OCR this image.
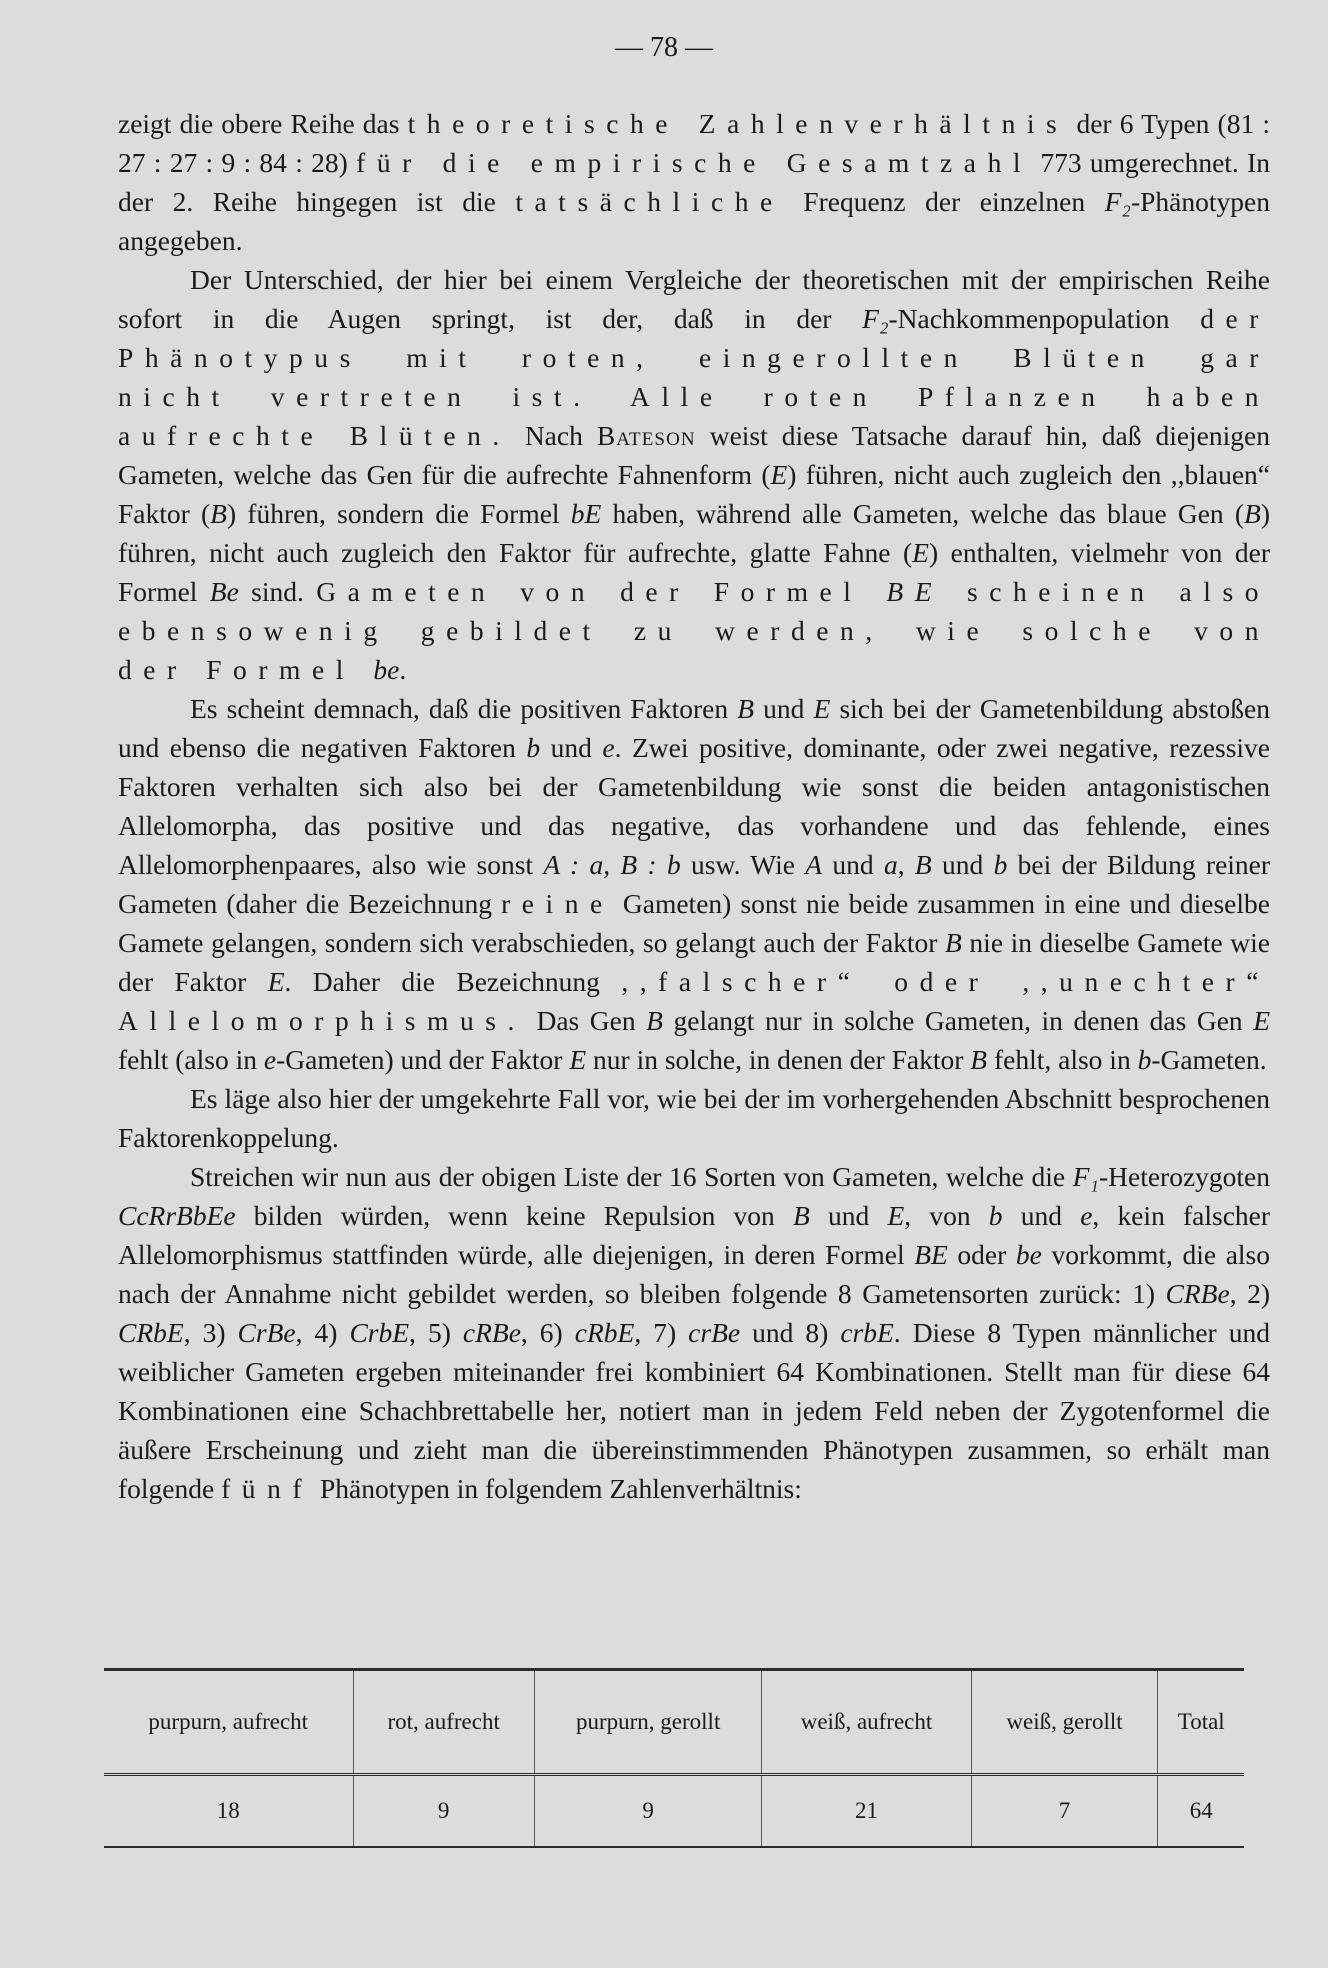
— 78 —

zeigt die obere Reihe das theoretische Zahlenverhältnis der 6 Typen (81 : 27 : 27 : 9 : 84 : 28) für die empirische Gesamtzahl 773 umgerechnet. In der 2. Reihe hingegen ist die tatsächliche Frequenz der einzelnen F₂-Phänotypen angegeben.

Der Unterschied, der hier bei einem Vergleiche der theoretischen mit der empirischen Reihe sofort in die Augen springt, ist der, daß in der F₂-Nachkommenpopulation der Phänotypus mit roten, eingerollten Blüten gar nicht vertreten ist. Alle roten Pflanzen haben aufrechte Blüten. Nach Bateson weist diese Tatsache darauf hin, daß diejenigen Gameten, welche das Gen für die aufrechte Fahnenform (E) führen, nicht auch zugleich den ,,blauen“ Faktor (B) führen, sondern die Formel bE haben, während alle Gameten, welche das blaue Gen (B) führen, nicht auch zugleich den Faktor für aufrechte, glatte Fahne (E) enthalten, vielmehr von der Formel Be sind. Gameten von der Formel BE scheinen also ebensowenig gebildet zu werden, wie solche von der Formel be.

Es scheint demnach, daß die positiven Faktoren B und E sich bei der Gametenbildung abstoßen und ebenso die negativen Faktoren b und e. Zwei positive, dominante, oder zwei negative, rezessive Faktoren verhalten sich also bei der Gametenbildung wie sonst die beiden antagonistischen Allelomorpha, das positive und das negative, das vorhandene und das fehlende, eines Allelomorphenpaares, also wie sonst A : a, B : b usw. Wie A und a, B und b bei der Bildung reiner Gameten (daher die Bezeichnung reine Gameten) sonst nie beide zusammen in eine und dieselbe Gamete gelangen, sondern sich verabschieden, so gelangt auch der Faktor B nie in dieselbe Gamete wie der Faktor E. Daher die Bezeichnung ,,falscher“ oder ,,unechter“ Allelomorphismus. Das Gen B gelangt nur in solche Gameten, in denen das Gen E fehlt (also in e-Gameten) und der Faktor E nur in solche, in denen der Faktor B fehlt, also in b-Gameten.

Es läge also hier der umgekehrte Fall vor, wie bei der im vorhergehenden Abschnitt besprochenen Faktorenkoppelung.

Streichen wir nun aus der obigen Liste der 16 Sorten von Gameten, welche die F₁-Heterozygoten CcRrBbEe bilden würden, wenn keine Repulsion von B und E, von b und e, kein falscher Allelomorphismus stattfinden würde, alle diejenigen, in deren Formel BE oder be vorkommt, die also nach der Annahme nicht gebildet werden, so bleiben folgende 8 Gametensorten zurück: 1) CRBe, 2) CRbE, 3) CrBe, 4) CrbE, 5) cRBe, 6) cRbE, 7) crBe und 8) crbE. Diese 8 Typen männlicher und weiblicher Gameten ergeben miteinander frei kombiniert 64 Kombinationen. Stellt man für diese 64 Kombinationen eine Schachbrettabelle her, notiert man in jedem Feld neben der Zygotenformel die äußere Erscheinung und zieht man die übereinstimmenden Phänotypen zusammen, so erhält man folgende fünf Phänotypen in folgendem Zahlenverhältnis:

purpurn, aufrecht	rot, aufrecht	purpurn, gerollt	weiß, aufrecht	weiß, gerollt	Total
18	9	9	21	7	64
